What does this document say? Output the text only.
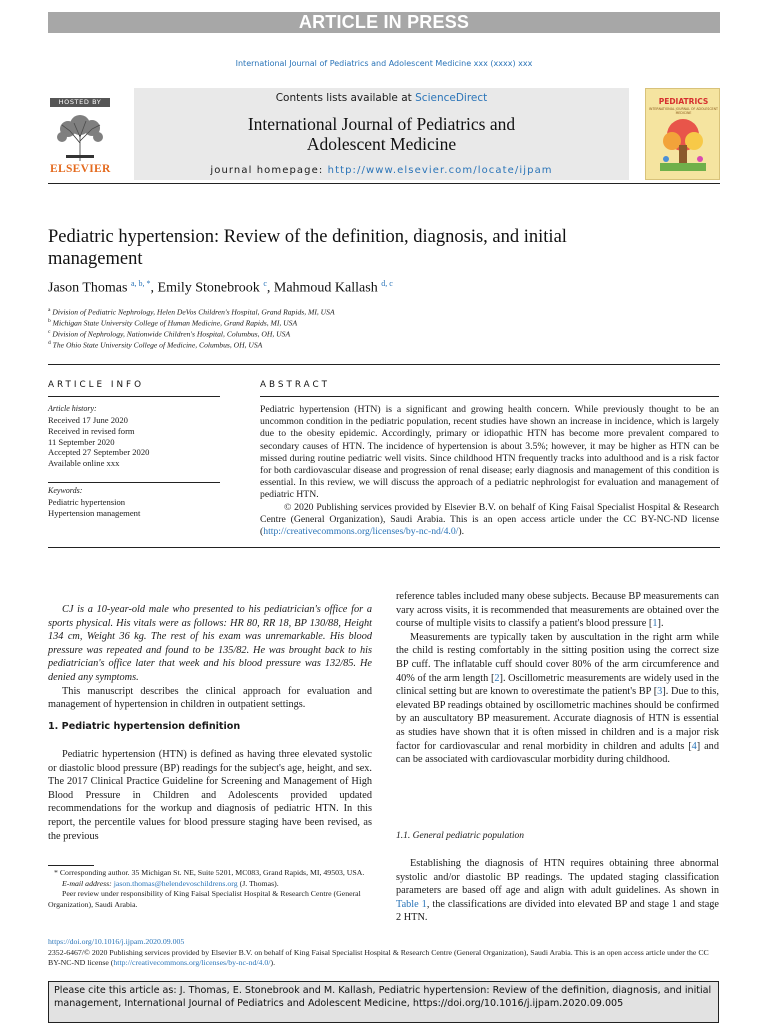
ARTICLE IN PRESS
International Journal of Pediatrics and Adolescent Medicine xxx (xxxx) xxx
HOSTED BY
ELSEVIER
Contents lists available at ScienceDirect
International Journal of Pediatrics and
Adolescent Medicine
journal homepage: http://www.elsevier.com/locate/ijpam
PEDIATRICS
INTERNATIONAL JOURNAL OF ADOLESCENT MEDICINE
Pediatric hypertension: Review of the definition, diagnosis, and initial
management
Jason Thomas $^{a, b, *}$, Emily Stonebrook $^c$, Mahmoud Kallash $^{d, c}$
$^a$ Division of Pediatric Nephrology, Helen DeVos Children's Hospital, Grand Rapids, MI, USA
$^b$ Michigan State University College of Human Medicine, Grand Rapids, MI, USA
$^c$ Division of Nephrology, Nationwide Children's Hospital, Columbus, OH, USA
$^d$ The Ohio State University College of Medicine, Columbus, OH, USA
ARTICLE INFO
Article history:
Received 17 June 2020
Received in revised form
11 September 2020
Accepted 27 September 2020
Available online xxx
Keywords:
Pediatric hypertension
Hypertension management
ABSTRACT
Pediatric hypertension (HTN) is a significant and growing health concern. While previously thought to be an uncommon condition in the pediatric population, recent studies have shown an increase in incidence, which is largely due to the obesity epidemic. Accordingly, primary or idiopathic HTN has become more prevalent compared to secondary causes of HTN. The incidence of hypertension is about 3.5%; however, it may be higher as HTN can be missed during routine pediatric well visits. Since childhood HTN frequently tracks into adulthood and is a risk factor for both cardiovascular disease and progression of renal disease; early diagnosis and management of this condition is essential. In this review, we will discuss the approach of a pediatric nephrologist for evaluation and management of pediatric HTN.
© 2020 Publishing services provided by Elsevier B.V. on behalf of King Faisal Specialist Hospital & Research Centre (General Organization), Saudi Arabia. This is an open access article under the CC BY-NC-ND license (http://creativecommons.org/licenses/by-nc-nd/4.0/).
CJ is a 10-year-old male who presented to his pediatrician's office for a sports physical. His vitals were as follows: HR 80, RR 18, BP 130/88, Height 134 cm, Weight 36 kg. The rest of his exam was unremarkable. His blood pressure was repeated and found to be 135/82. He was brought back to his pediatrician's office later that week and his blood pressure was 132/85. He denied any symptoms.
This manuscript describes the clinical approach for evaluation and management of hypertension in children in outpatient settings.
1. Pediatric hypertension definition
Pediatric hypertension (HTN) is defined as having three elevated systolic or diastolic blood pressure (BP) readings for the subject's age, height, and sex. The 2017 Clinical Practice Guideline for Screening and Management of High Blood Pressure in Children and Adolescents provided updated recommendations for the workup and diagnosis of pediatric HTN. In this report, the percentile values for blood pressure staging have been revised, as the previous
reference tables included many obese subjects. Because BP measurements can vary across visits, it is recommended that measurements are obtained over the course of multiple visits to classify a patient's blood pressure [1].
Measurements are typically taken by auscultation in the right arm while the child is resting comfortably in the sitting position using the correct size BP cuff. The inflatable cuff should cover 80% of the arm circumference and 40% of the arm length [2]. Oscillometric measurements are widely used in the clinical setting but are known to overestimate the patient's BP [3]. Due to this, elevated BP readings obtained by oscillometric machines should be confirmed by an auscultatory BP measurement. Accurate diagnosis of HTN is essential as studies have shown that it is often missed in children and is a major risk factor for cardiovascular and renal morbidity in children and adults [4] and can be associated with cardiovascular morbidity during childhood.
1.1. General pediatric population
Establishing the diagnosis of HTN requires obtaining three abnormal systolic and/or diastolic BP readings. The updated staging classification parameters are based off age and align with adult guidelines. As shown in Table 1, the classifications are divided into elevated BP and stage 1 and stage 2 HTN.
* Corresponding author. 35 Michigan St. NE, Suite 5201, MC083, Grand Rapids, MI, 49503, USA.
E-mail address: jason.thomas@helendevoschildrens.org (J. Thomas).
Peer review under responsibility of King Faisal Specialist Hospital & Research Centre (General Organization), Saudi Arabia.
https://doi.org/10.1016/j.ijpam.2020.09.005
2352-6467/© 2020 Publishing services provided by Elsevier B.V. on behalf of King Faisal Specialist Hospital & Research Centre (General Organization), Saudi Arabia. This is an open access article under the CC BY-NC-ND license (http://creativecommons.org/licenses/by-nc-nd/4.0/).
Please cite this article as: J. Thomas, E. Stonebrook and M. Kallash, Pediatric hypertension: Review of the definition, diagnosis, and initial management, International Journal of Pediatrics and Adolescent Medicine, https://doi.org/10.1016/j.ijpam.2020.09.005
